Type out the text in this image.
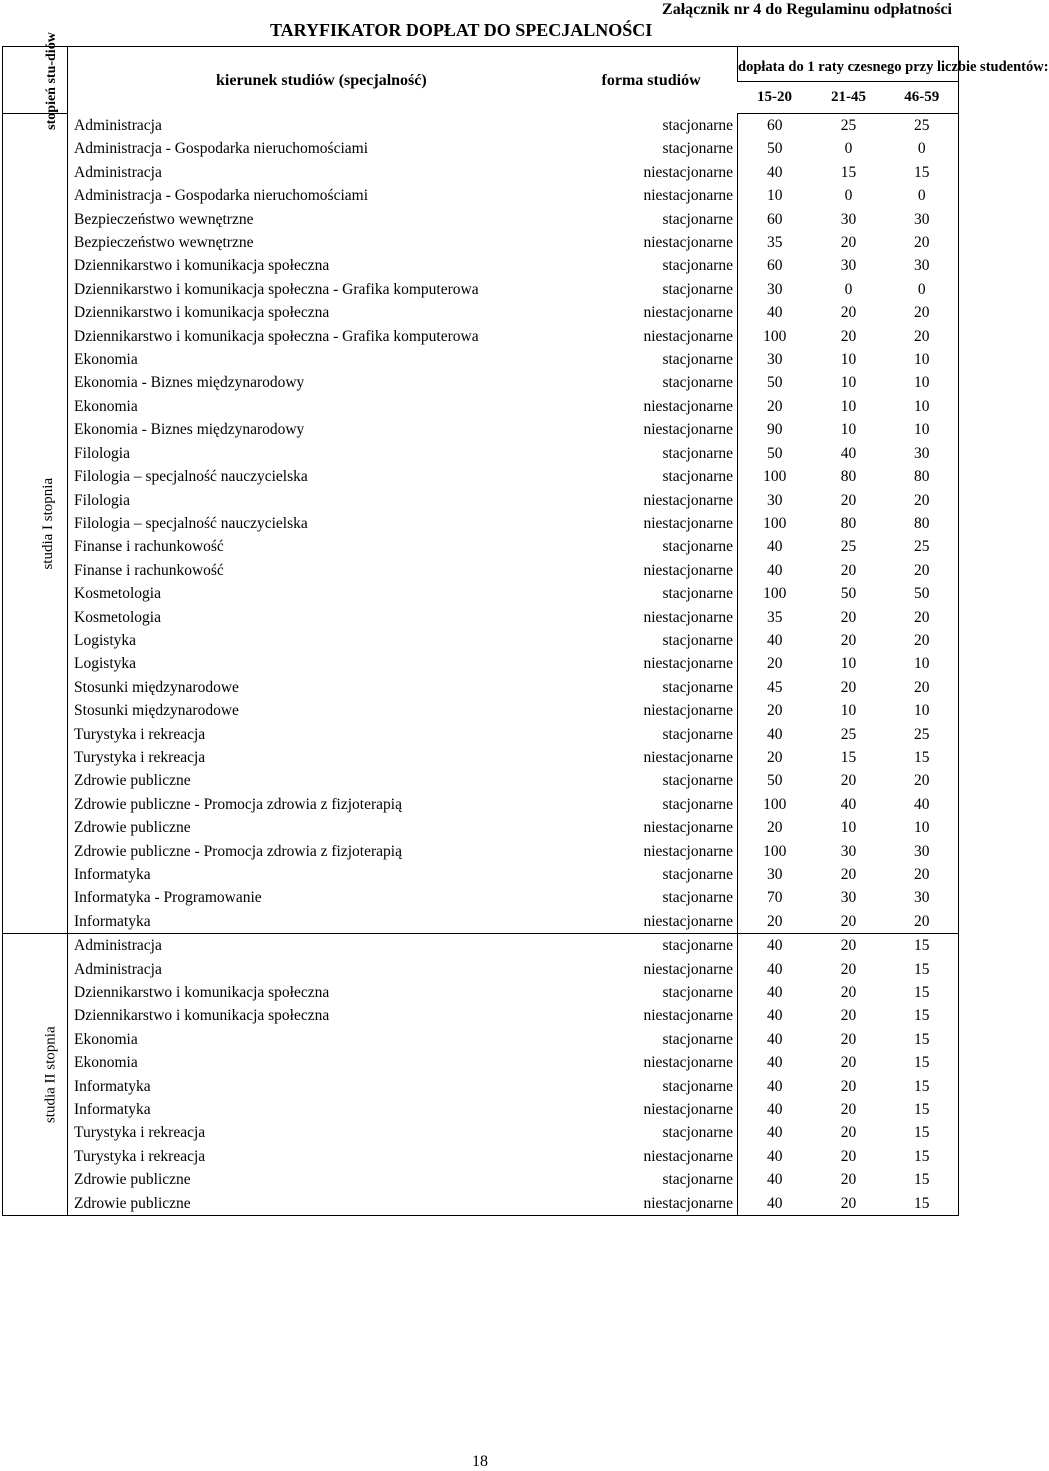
Załącznik nr 4 do Regulaminu odpłatności
TARYFIKATOR DOPŁAT DO SPECJALNOŚCI
stopień stu-diów	kierunek studiów (specjalność)	forma studiów	dopłata do 1 raty czesnego przy liczbie studentów:		
			15-20	21-45	46-59
studia I stopnia	Administracja	stacjonarne	60	25	25
	Administracja - Gospodarka nieruchomościami	stacjonarne	50	0	0
	Administracja	niestacjonarne	40	15	15
	Administracja - Gospodarka nieruchomościami	niestacjonarne	10	0	0
	Bezpieczeństwo wewnętrzne	stacjonarne	60	30	30
	Bezpieczeństwo wewnętrzne	niestacjonarne	35	20	20
	Dziennikarstwo i komunikacja społeczna	stacjonarne	60	30	30
	Dziennikarstwo i komunikacja społeczna - Grafika komputerowa	stacjonarne	30	0	0
	Dziennikarstwo i komunikacja społeczna	niestacjonarne	40	20	20
	Dziennikarstwo i komunikacja społeczna - Grafika komputerowa	niestacjonarne	100	20	20
	Ekonomia	stacjonarne	30	10	10
	Ekonomia - Biznes międzynarodowy	stacjonarne	50	10	10
	Ekonomia	niestacjonarne	20	10	10
	Ekonomia - Biznes międzynarodowy	niestacjonarne	90	10	10
	Filologia	stacjonarne	50	40	30
	Filologia – specjalność nauczycielska	stacjonarne	100	80	80
	Filologia	niestacjonarne	30	20	20
	Filologia – specjalność nauczycielska	niestacjonarne	100	80	80
	Finanse i rachunkowość	stacjonarne	40	25	25
	Finanse i rachunkowość	niestacjonarne	40	20	20
	Kosmetologia	stacjonarne	100	50	50
	Kosmetologia	niestacjonarne	35	20	20
	Logistyka	stacjonarne	40	20	20
	Logistyka	niestacjonarne	20	10	10
	Stosunki międzynarodowe	stacjonarne	45	20	20
	Stosunki międzynarodowe	niestacjonarne	20	10	10
	Turystyka i rekreacja	stacjonarne	40	25	25
	Turystyka i rekreacja	niestacjonarne	20	15	15
	Zdrowie publiczne	stacjonarne	50	20	20
	Zdrowie publiczne - Promocja zdrowia z fizjoterapią	stacjonarne	100	40	40
	Zdrowie publiczne	niestacjonarne	20	10	10
	Zdrowie publiczne - Promocja zdrowia z fizjoterapią	niestacjonarne	100	30	30
	Informatyka	stacjonarne	30	20	20
	Informatyka - Programowanie	stacjonarne	70	30	30
	Informatyka	niestacjonarne	20	20	20
studia II stopnia	Administracja	stacjonarne	40	20	15
	Administracja	niestacjonarne	40	20	15
	Dziennikarstwo i komunikacja społeczna	stacjonarne	40	20	15
	Dziennikarstwo i komunikacja społeczna	niestacjonarne	40	20	15
	Ekonomia	stacjonarne	40	20	15
	Ekonomia	niestacjonarne	40	20	15
	Informatyka	stacjonarne	40	20	15
	Informatyka	niestacjonarne	40	20	15
	Turystyka i rekreacja	stacjonarne	40	20	15
	Turystyka i rekreacja	niestacjonarne	40	20	15
	Zdrowie publiczne	stacjonarne	40	20	15
	Zdrowie publiczne	niestacjonarne	40	20	15
18
